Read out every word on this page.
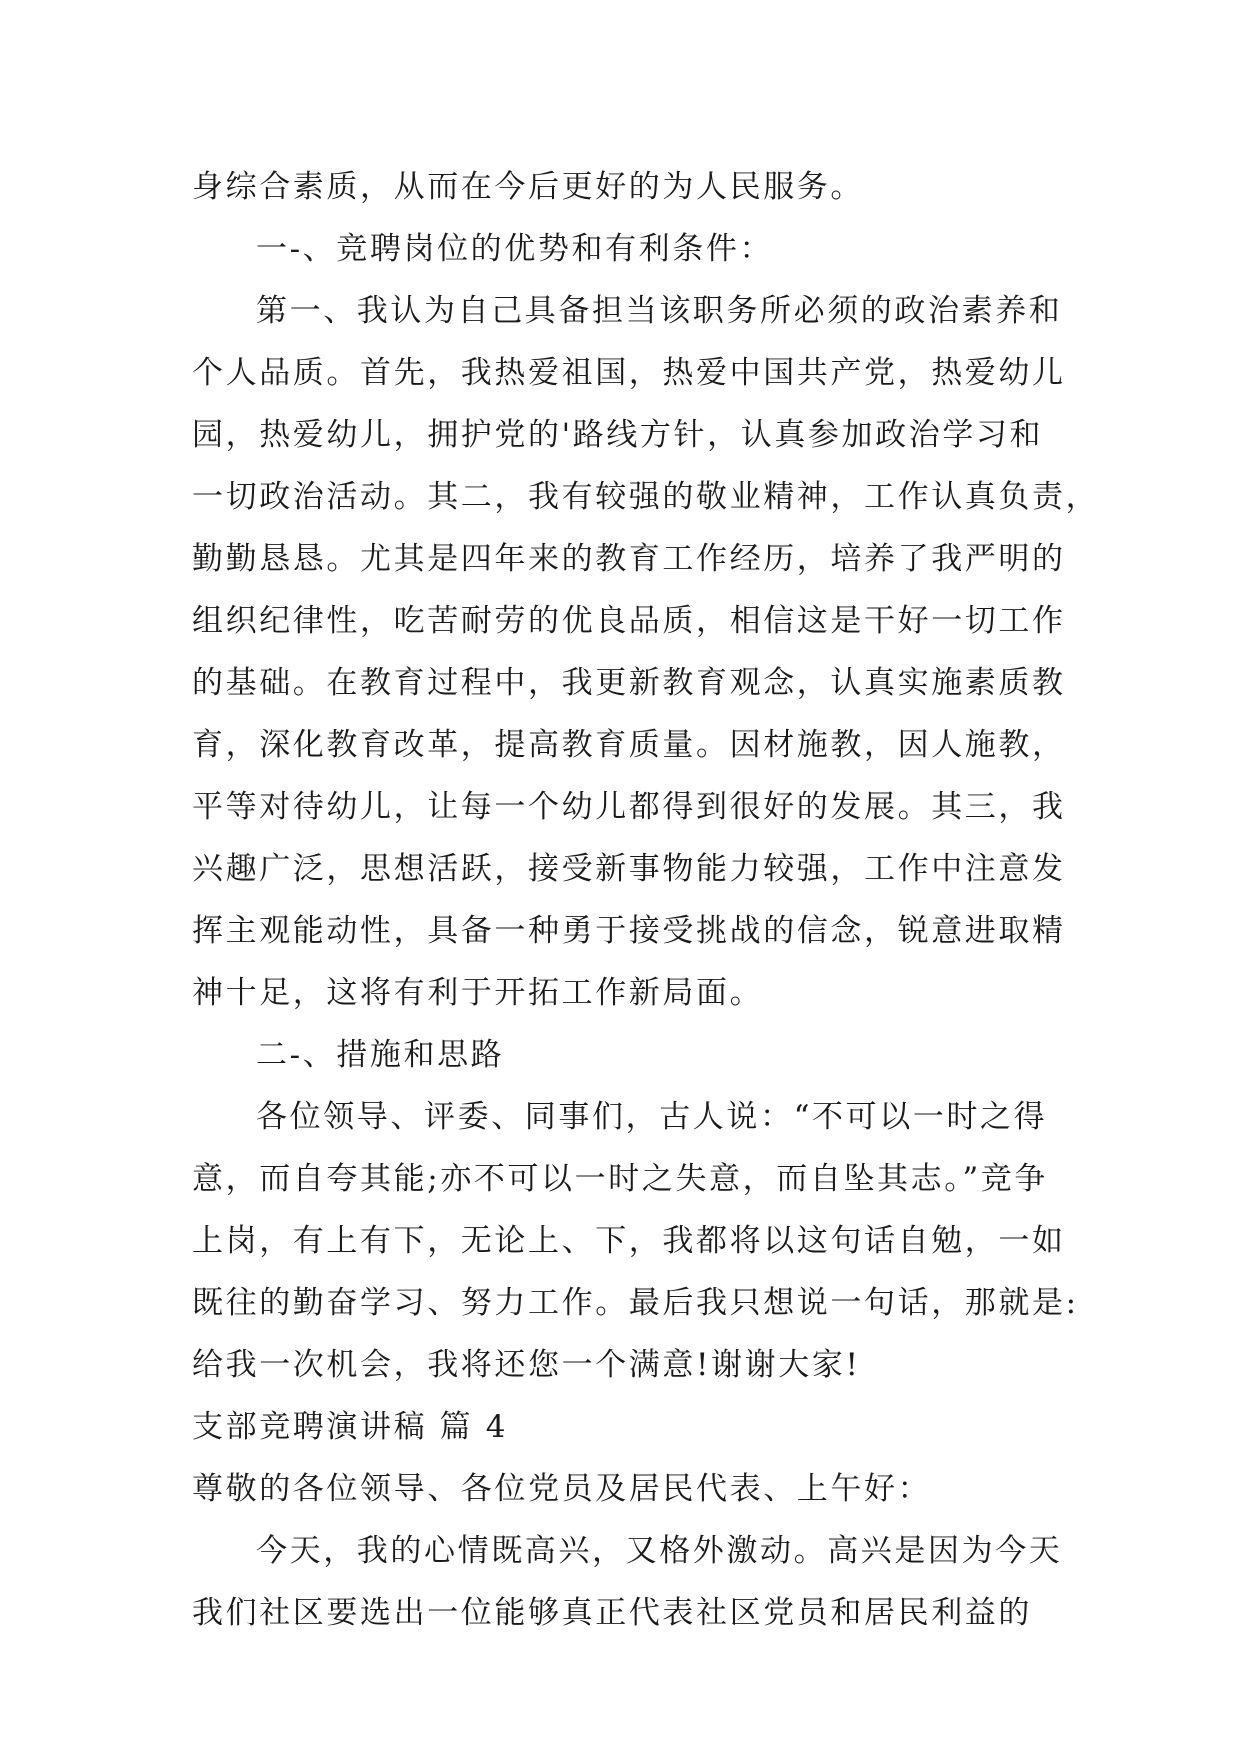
身综合素质，从而在今后更好的为人民服务。
一-、竞聘岗位的优势和有利条件：
第一、我认为自己具备担当该职务所必须的政治素养和
个人品质。首先，我热爱祖国，热爱中国共产党，热爱幼儿
园，热爱幼儿，拥护党的'路线方针，认真参加政治学习和
一切政治活动。其二，我有较强的敬业精神，工作认真负责，
勤勤恳恳。尤其是四年来的教育工作经历，培养了我严明的
组织纪律性，吃苦耐劳的优良品质，相信这是干好一切工作
的基础。在教育过程中，我更新教育观念，认真实施素质教
育，深化教育改革，提高教育质量。因材施教，因人施教，
平等对待幼儿，让每一个幼儿都得到很好的发展。其三，我
兴趣广泛，思想活跃，接受新事物能力较强，工作中注意发
挥主观能动性，具备一种勇于接受挑战的信念，锐意进取精
神十足，这将有利于开拓工作新局面。
二-、措施和思路
各位领导、评委、同事们，古人说：“不可以一时之得
意，而自夸其能;亦不可以一时之失意，而自坠其志。”竞争
上岗，有上有下，无论上、下，我都将以这句话自勉，一如
既往的勤奋学习、努力工作。最后我只想说一句话，那就是:
给我一次机会，我将还您一个满意!谢谢大家!
支部竞聘演讲稿 篇 4
尊敬的各位领导、各位党员及居民代表、上午好：
今天，我的心情既高兴，又格外激动。高兴是因为今天
我们社区要选出一位能够真正代表社区党员和居民利益的
